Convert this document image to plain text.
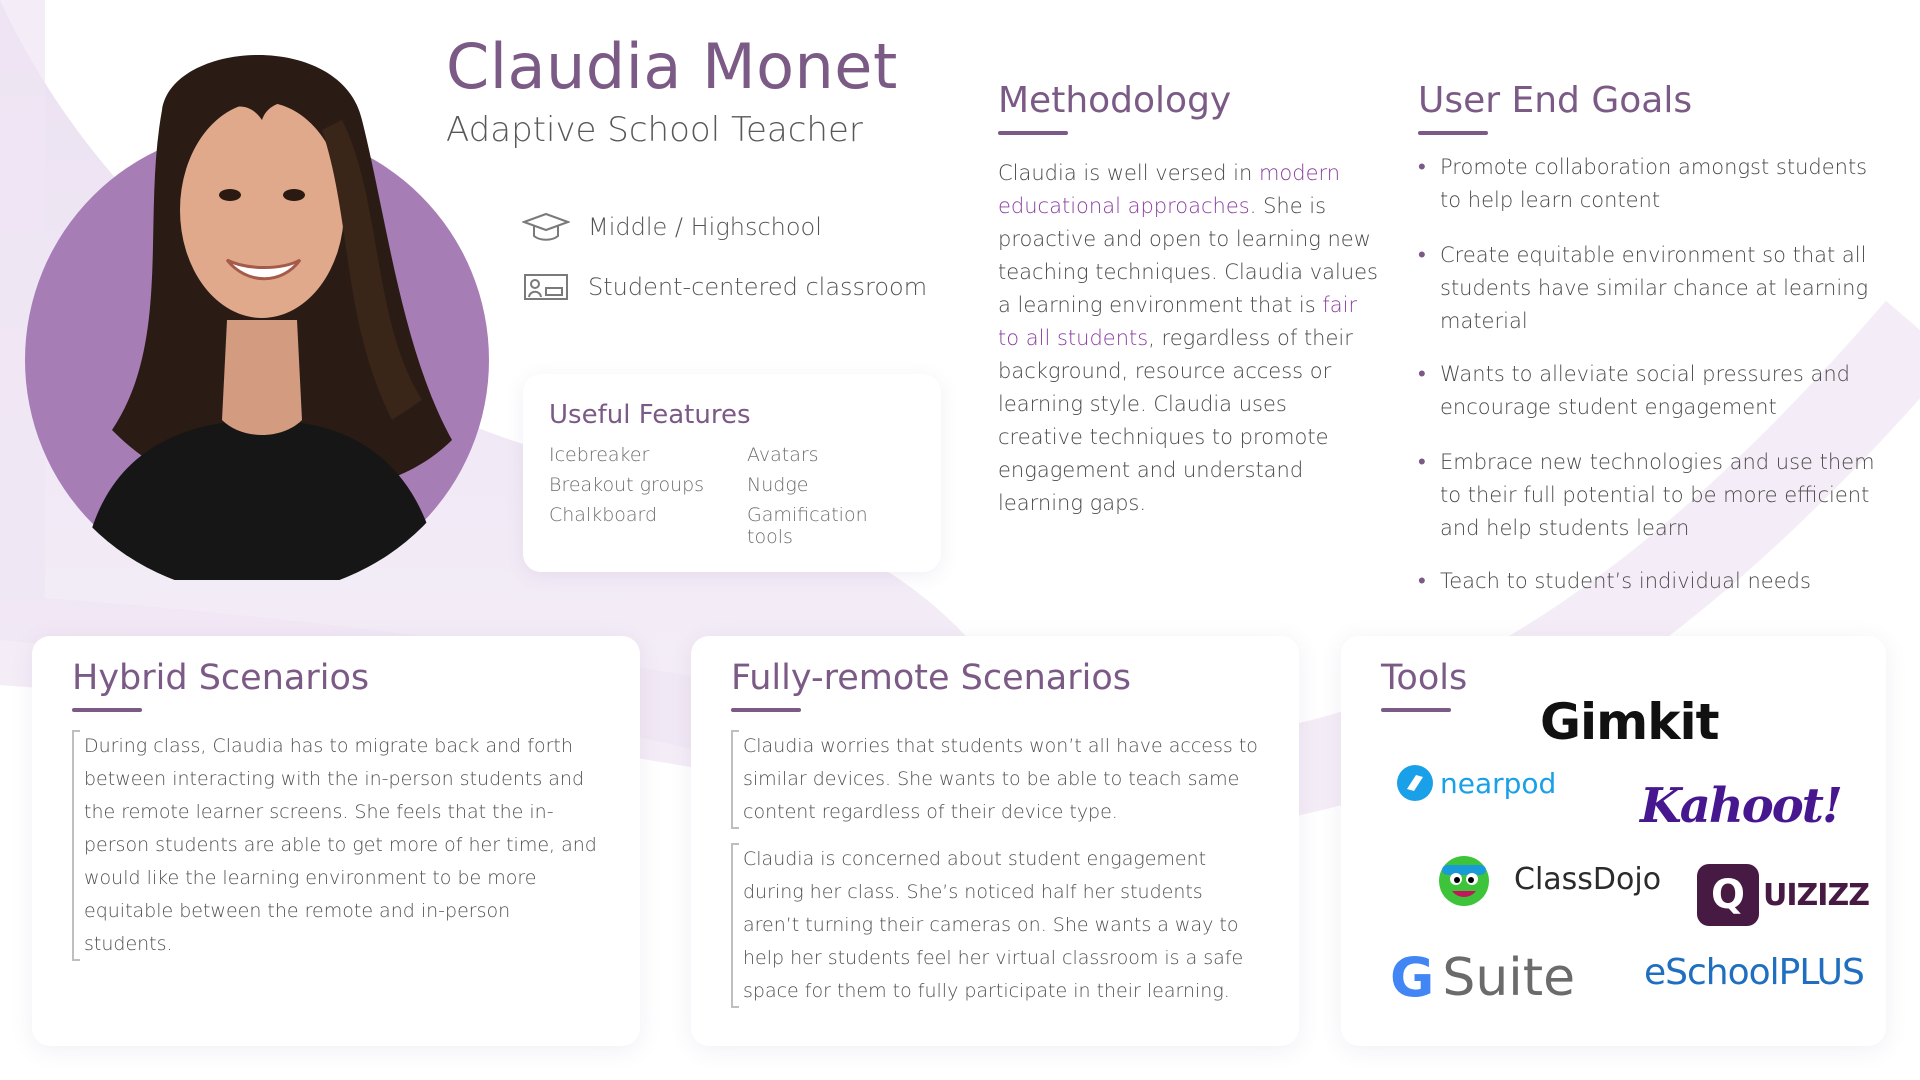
Claudia Monet
Adaptive School Teacher
Middle / Highschool
Student-centered classroom
Useful Features
Icebreaker	Avatars
Breakout groups	Nudge
Chalkboard	Gamification tools
Methodology

Claudia is well versed in modern educational approaches. She is proactive and open to learning new teaching techniques. Claudia values a learning environment that is fair to all students, regardless of their background, resource access or learning style. Claudia uses creative techniques to promote engagement and understand learning gaps.

User End Goals
• Promote collaboration amongst students to help learn content
• Create equitable environment so that all students have similar chance at learning material
• Wants to alleviate social pressures and encourage student engagement
• Embrace new technologies and use them to their full potential to be more efficient and help students learn
• Teach to student’s individual needs
Hybrid Scenarios

During class, Claudia has to migrate back and forth between interacting with the in-person students and the remote learner screens. She feels that the in-person students are able to get more of her time, and would like the learning environment to be more equitable between the remote and in-person students.

Fully-remote Scenarios

Claudia worries that students won’t all have access to similar devices. She wants to be able to teach same content regardless of their device type.

Claudia is concerned about student engagement during her class. She’s noticed half her students aren’t turning their cameras on. She wants a way to help her students feel her virtual classroom is a safe space for them to fully participate in their learning.

Tools
Gimkit
nearpod Kahoot!
ClassDojo	Q UIZIZZ
G Suite eSchoolPLUS
